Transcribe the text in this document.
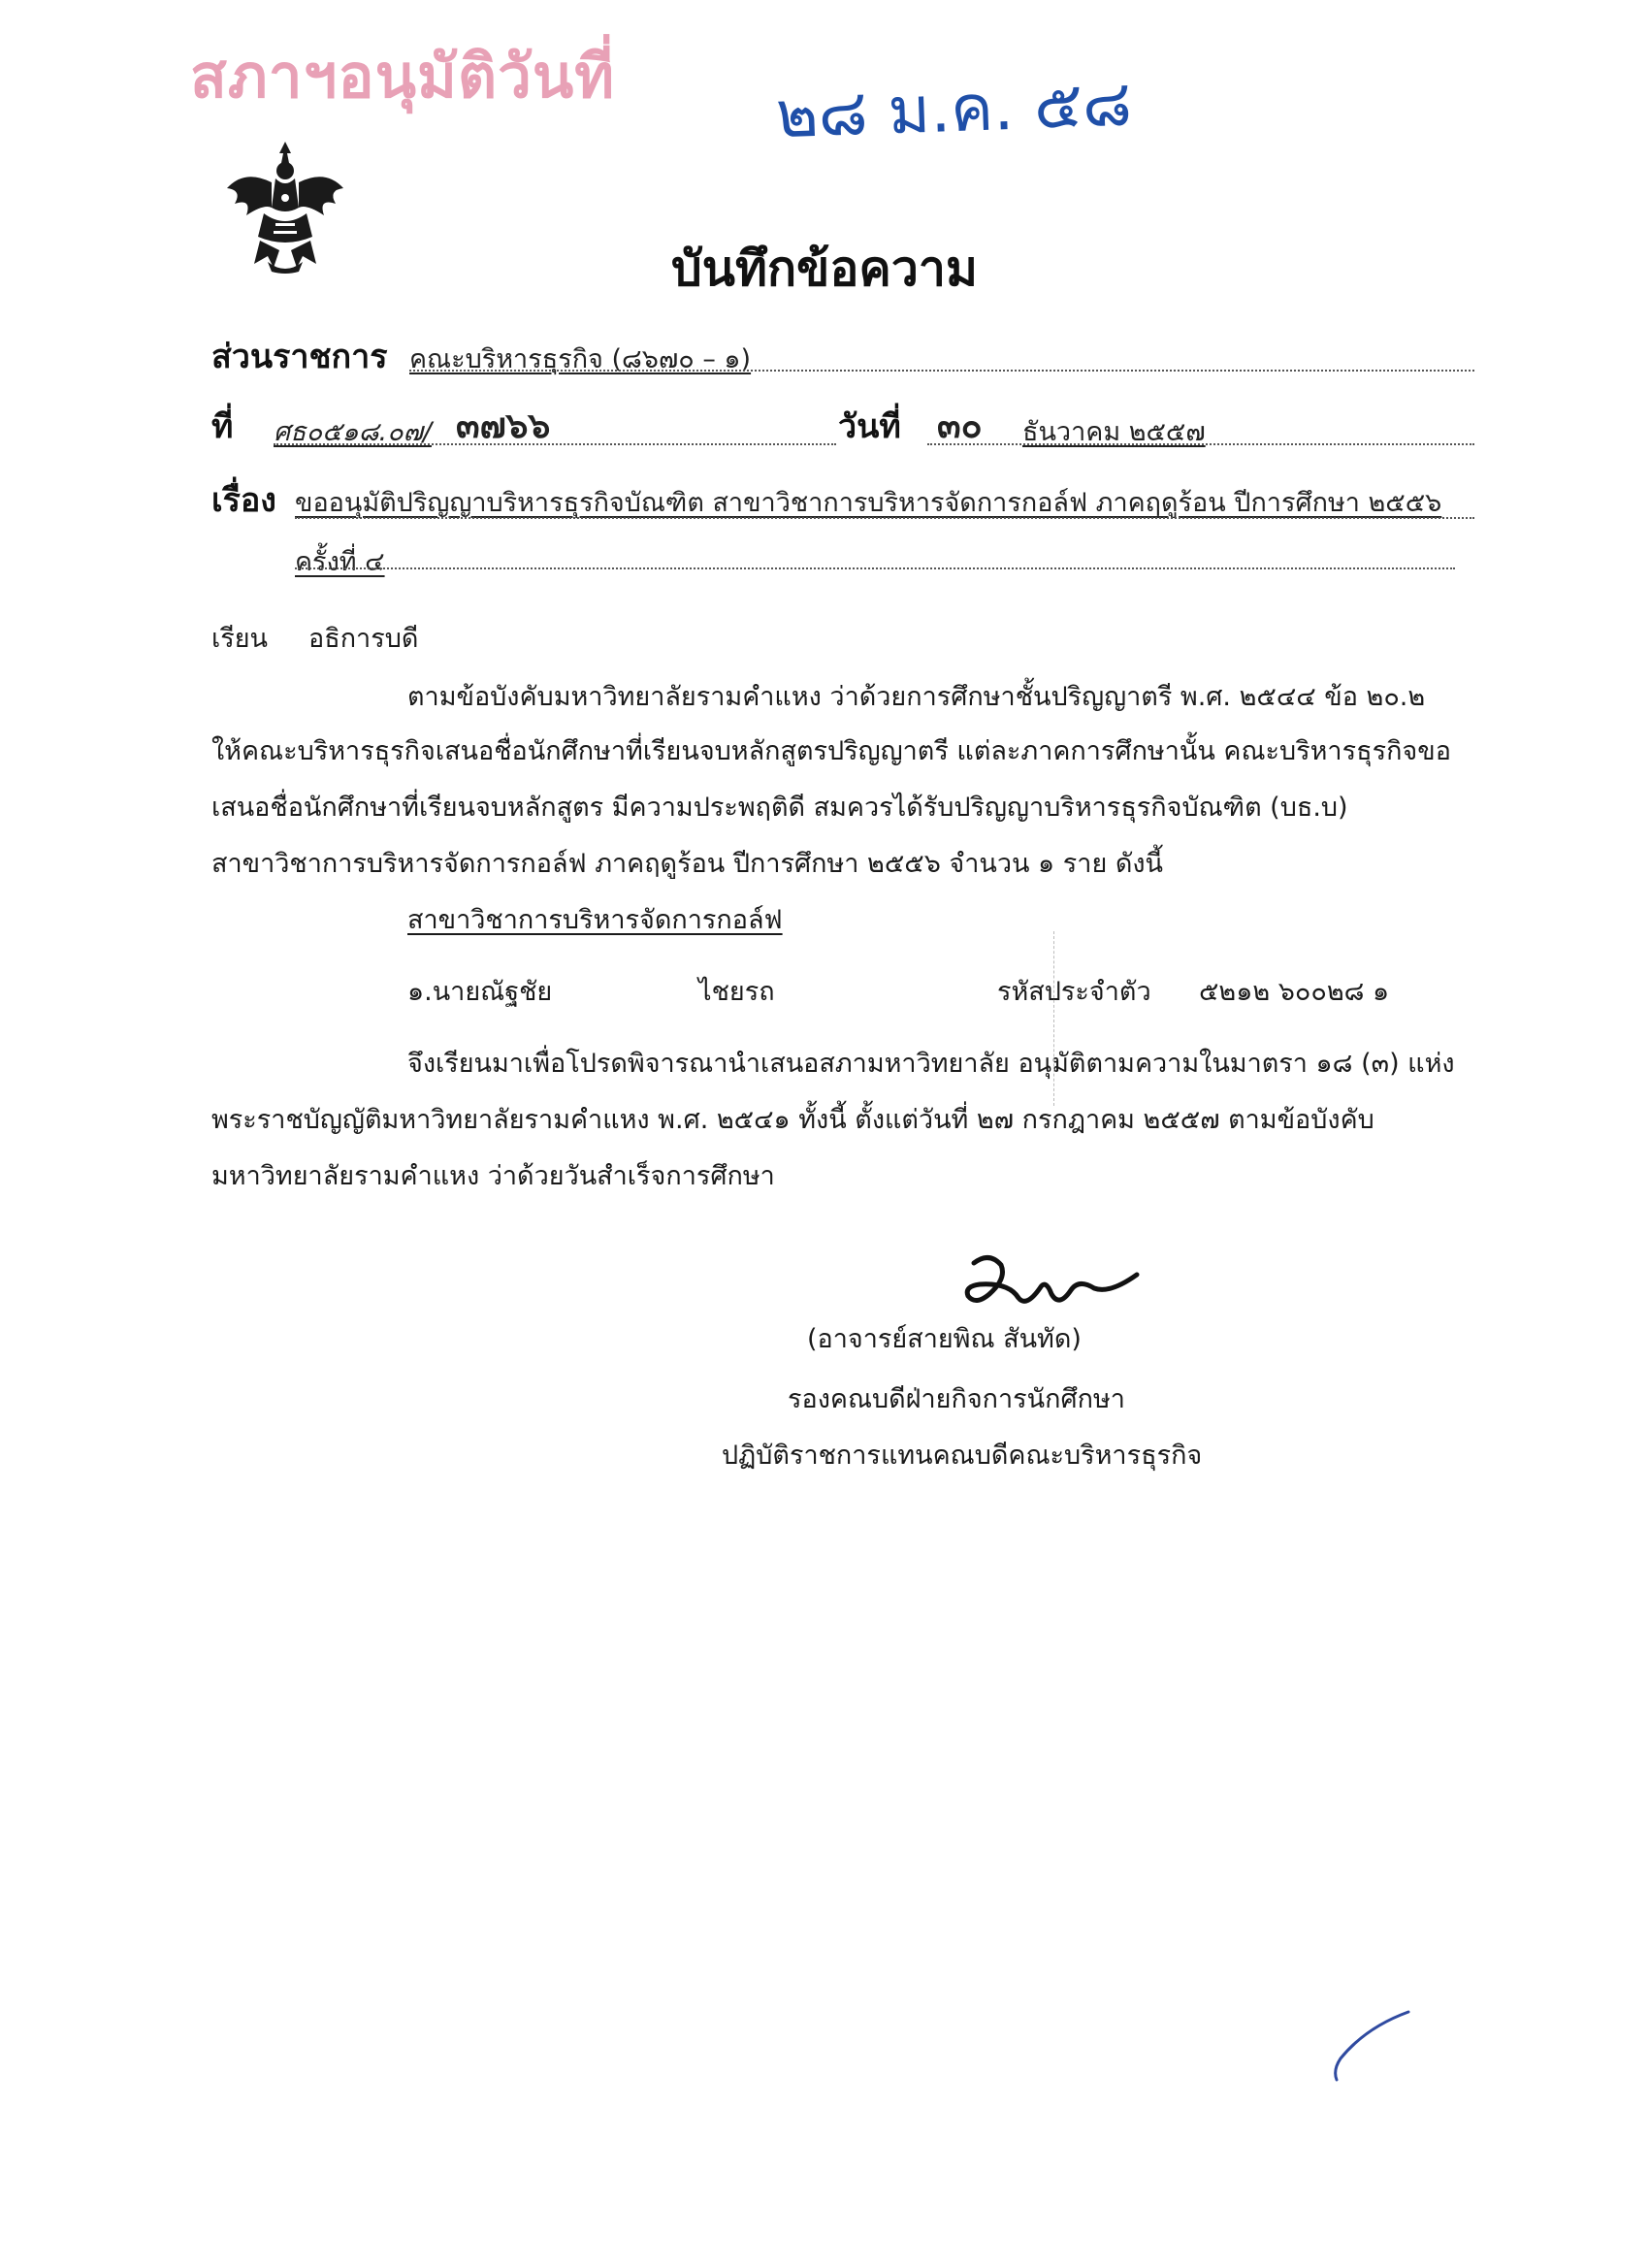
สภาฯอนุมัติวันที่ ๒๘ ม.ค. ๕๘
บันทึกข้อความ
ส่วนราชการ คณะบริหารธุรกิจ (๘๖๗๐ – ๑)
ที่ ศธ๐๕๑๘.๐๗/ ๓๗๖๖	วันที่ ๓๐ ธันวาคม ๒๕๕๗
เรื่อง ขออนุมัติปริญญาบริหารธุรกิจบัณฑิต สาขาวิชาการบริหารจัดการกอล์ฟ ภาคฤดูร้อน ปีการศึกษา ๒๕๕๖
ครั้งที่ ๔
เรียน อธิการบดี
ตามข้อบังคับมหาวิทยาลัยรามคำแหง ว่าด้วยการศึกษาชั้นปริญญาตรี พ.ศ. ๒๕๔๔ ข้อ ๒๐.๒
ให้คณะบริหารธุรกิจเสนอชื่อนักศึกษาที่เรียนจบหลักสูตรปริญญาตรี แต่ละภาคการศึกษานั้น คณะบริหารธุรกิจขอ
เสนอชื่อนักศึกษาที่เรียนจบหลักสูตร มีความประพฤติดี สมควรได้รับปริญญาบริหารธุรกิจบัณฑิต (บธ.บ)
สาขาวิชาการบริหารจัดการกอล์ฟ ภาคฤดูร้อน ปีการศึกษา ๒๕๕๖ จำนวน ๑ ราย ดังนี้
สาขาวิชาการบริหารจัดการกอล์ฟ
๑.นายณัฐชัย	ไชยรถ	รหัสประจำตัว ๕๒๑๒ ๖๐๐๒๘ ๑
จึงเรียนมาเพื่อโปรดพิจารณานำเสนอสภามหาวิทยาลัย อนุมัติตามความในมาตรา ๑๘ (๓) แห่ง
พระราชบัญญัติมหาวิทยาลัยรามคำแหง พ.ศ. ๒๕๔๑ ทั้งนี้ ตั้งแต่วันที่ ๒๗ กรกฎาคม ๒๕๕๗ ตามข้อบังคับ
มหาวิทยาลัยรามคำแหง ว่าด้วยวันสำเร็จการศึกษา
(อาจารย์สายพิณ สันทัด)
รองคณบดีฝ่ายกิจการนักศึกษา
ปฏิบัติราชการแทนคณบดีคณะบริหารธุรกิจ
